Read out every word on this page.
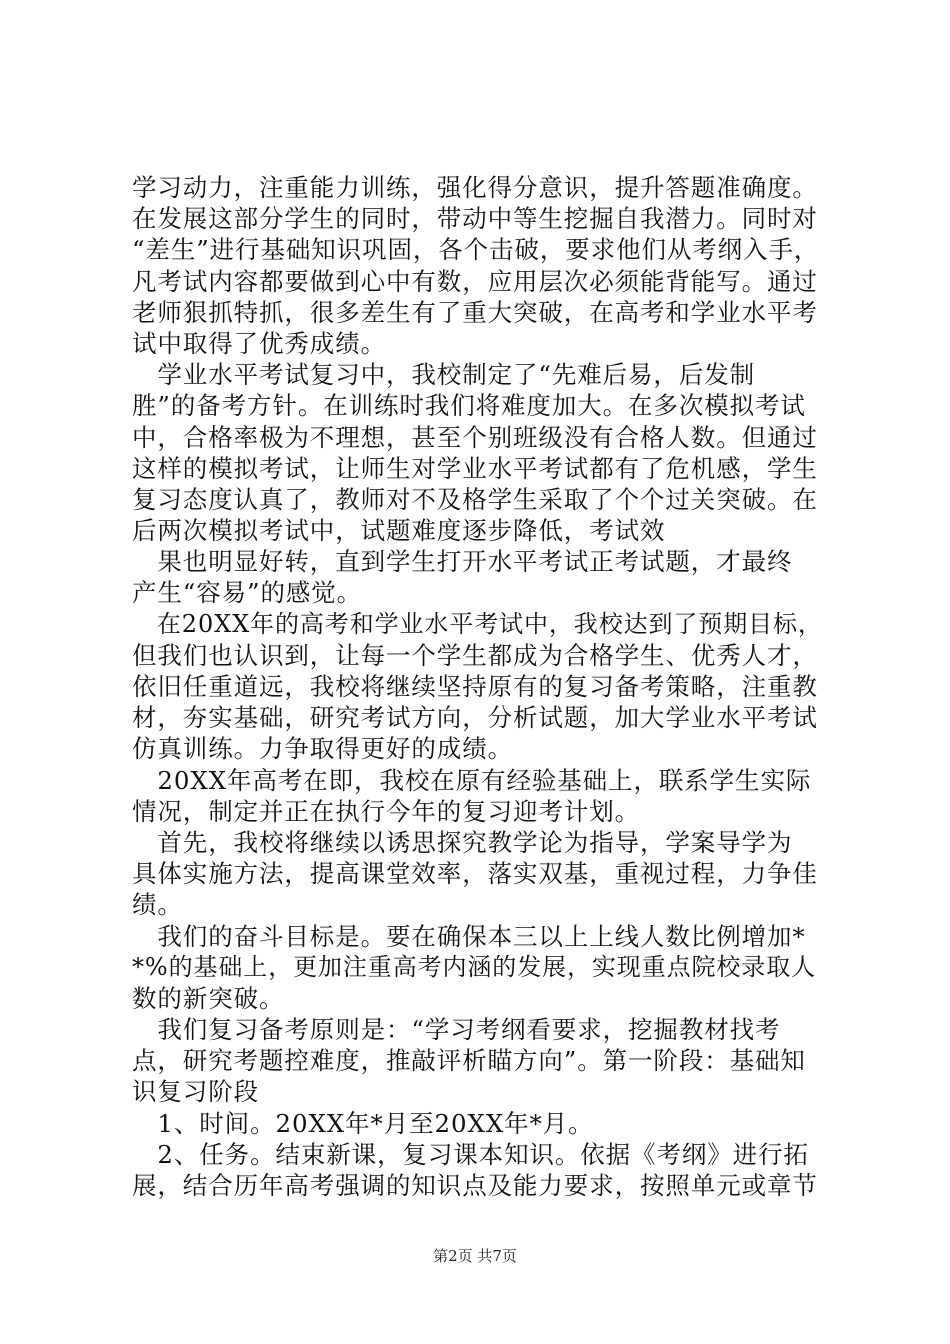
学习动力，注重能力训练，强化得分意识，提升答题准确度。
在发展这部分学生的同时，带动中等生挖掘自我潜力。同时对
“差生”进行基础知识巩固，各个击破，要求他们从考纲入手，
凡考试内容都要做到心中有数，应用层次必须能背能写。通过
老师狠抓特抓，很多差生有了重大突破，在高考和学业水平考
试中取得了优秀成绩。
　学业水平考试复习中，我校制定了“先难后易，后发制
胜”的备考方针。在训练时我们将难度加大。在多次模拟考试
中，合格率极为不理想，甚至个别班级没有合格人数。但通过
这样的模拟考试，让师生对学业水平考试都有了危机感，学生
复习态度认真了，教师对不及格学生采取了个个过关突破。在
后两次模拟考试中，试题难度逐步降低，考试效
　果也明显好转，直到学生打开水平考试正考试题，才最终
产生“容易”的感觉。
　在20XX年的高考和学业水平考试中，我校达到了预期目标，
但我们也认识到，让每一个学生都成为合格学生、优秀人才，
依旧任重道远，我校将继续坚持原有的复习备考策略，注重教
材，夯实基础，研究考试方向，分析试题，加大学业水平考试
仿真训练。力争取得更好的成绩。
　20XX年高考在即，我校在原有经验基础上，联系学生实际
情况，制定并正在执行今年的复习迎考计划。
　首先，我校将继续以诱思探究教学论为指导，学案导学为
具体实施方法，提高课堂效率，落实双基，重视过程，力争佳
绩。
　我们的奋斗目标是。要在确保本三以上上线人数比例增加*
*%的基础上，更加注重高考内涵的发展，实现重点院校录取人
数的新突破。
　我们复习备考原则是：“学习考纲看要求，挖掘教材找考
点，研究考题控难度，推敲评析瞄方向”。第一阶段：基础知
识复习阶段
　1、时间。20XX年*月至20XX年*月。
　2、任务。结束新课，复习课本知识。依据《考纲》进行拓
展，结合历年高考强调的知识点及能力要求，按照单元或章节
第2页 共7页
